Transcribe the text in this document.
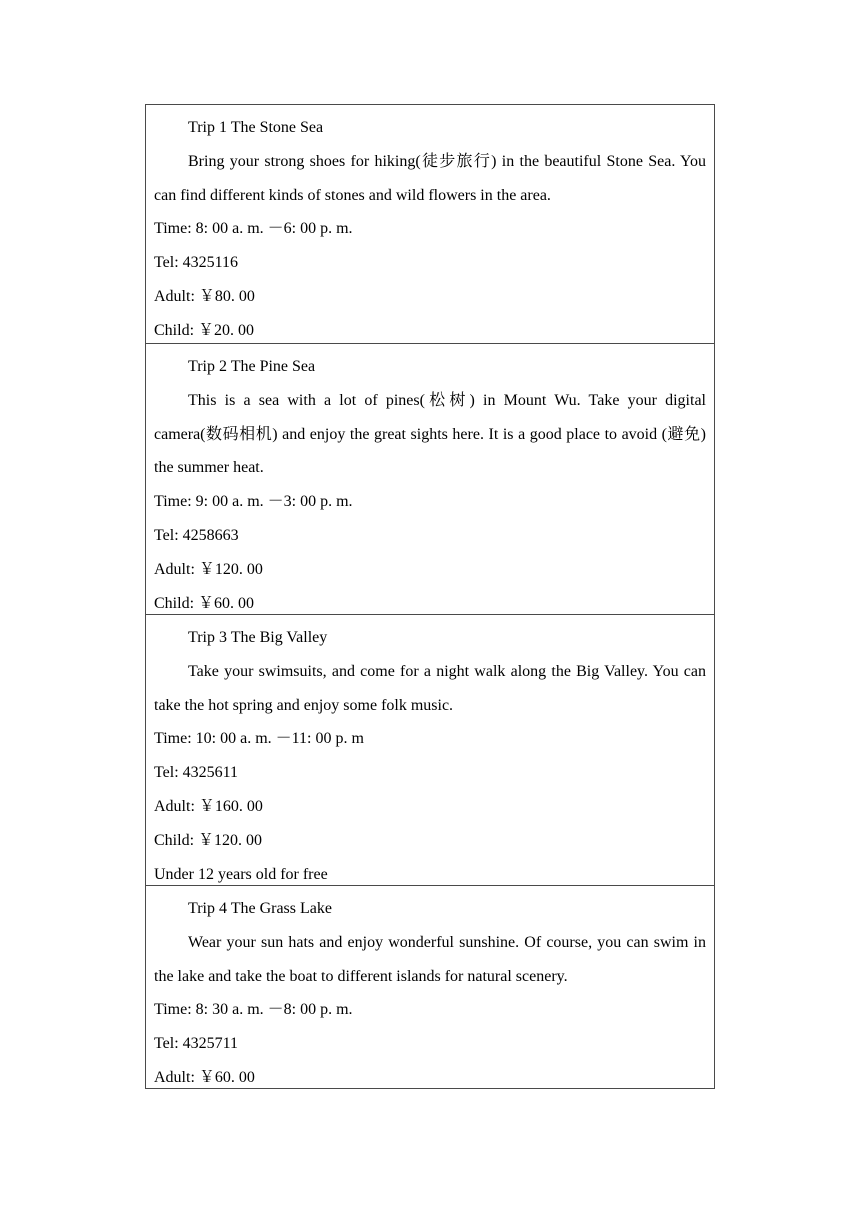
Trip 1 The Stone Sea

Bring your strong shoes for hiking(徒步旅行) in the beautiful Stone Sea. You can find different kinds of stones and wild flowers in the area.

Time: 8: 00 a. m. －6: 00 p. m.
Tel: 4325116
Adult: ￥80. 00
Child: ￥20. 00
Trip 2 The Pine Sea

This is a sea with a lot of pines(松树) in Mount Wu. Take your digital camera(数码相机) and enjoy the great sights here. It is a good place to avoid (避免) the summer heat.

Time: 9: 00 a. m. －3: 00 p. m.
Tel: 4258663
Adult: ￥120. 00
Child: ￥60. 00
Trip 3 The Big Valley

Take your swimsuits, and come for a night walk along the Big Valley. You can take the hot spring and enjoy some folk music.

Time: 10: 00 a. m. －11: 00 p. m
Tel: 4325611
Adult: ￥160. 00
Child: ￥120. 00
Under 12 years old for free
Trip 4 The Grass Lake

Wear your sun hats and enjoy wonderful sunshine. Of course, you can swim in the lake and take the boat to different islands for natural scenery.

Time: 8: 30 a. m. －8: 00 p. m.
Tel: 4325711
Adult: ￥60. 00
